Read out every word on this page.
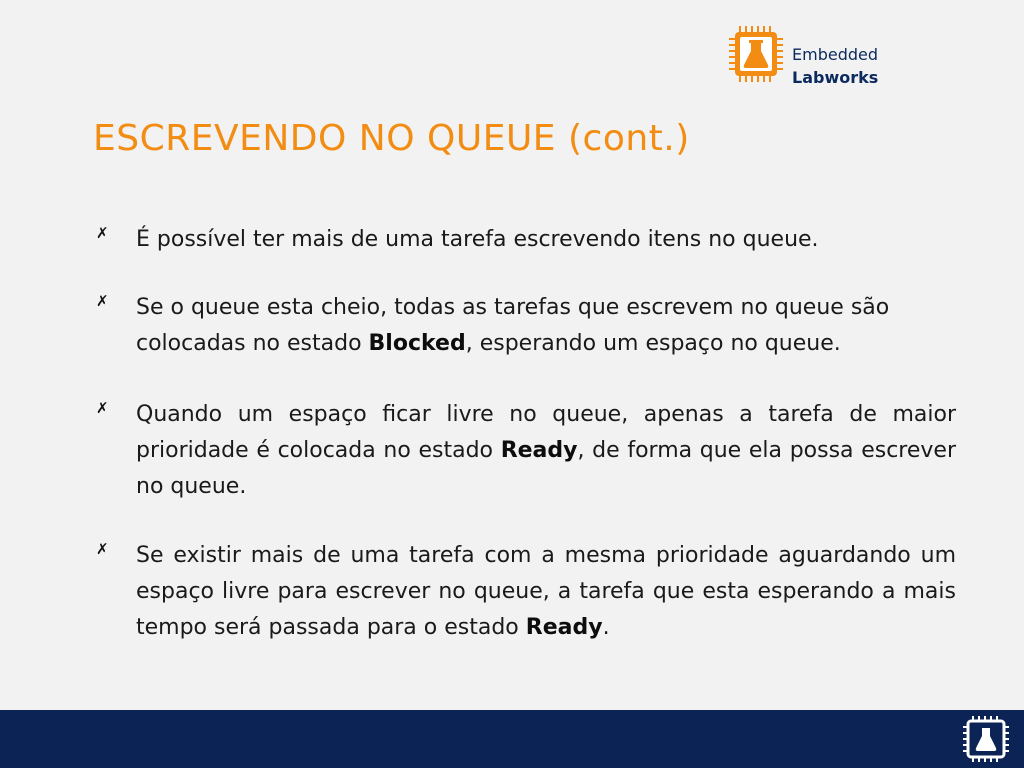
Embedded
Labworks
ESCREVENDO NO QUEUE (cont.)
✗ É possível ter mais de uma tarefa escrevendo itens no queue.
✗ Se o queue esta cheio, todas as tarefas que escrevem no queue são colocadas no estado Blocked, esperando um espaço no queue.
✗ Quando um espaço ficar livre no queue, apenas a tarefa de maior prioridade é colocada no estado Ready, de forma que ela possa escrever no queue.
✗ Se existir mais de uma tarefa com a mesma prioridade aguardando um espaço livre para escrever no queue, a tarefa que esta esperando a mais tempo será passada para o estado Ready.
